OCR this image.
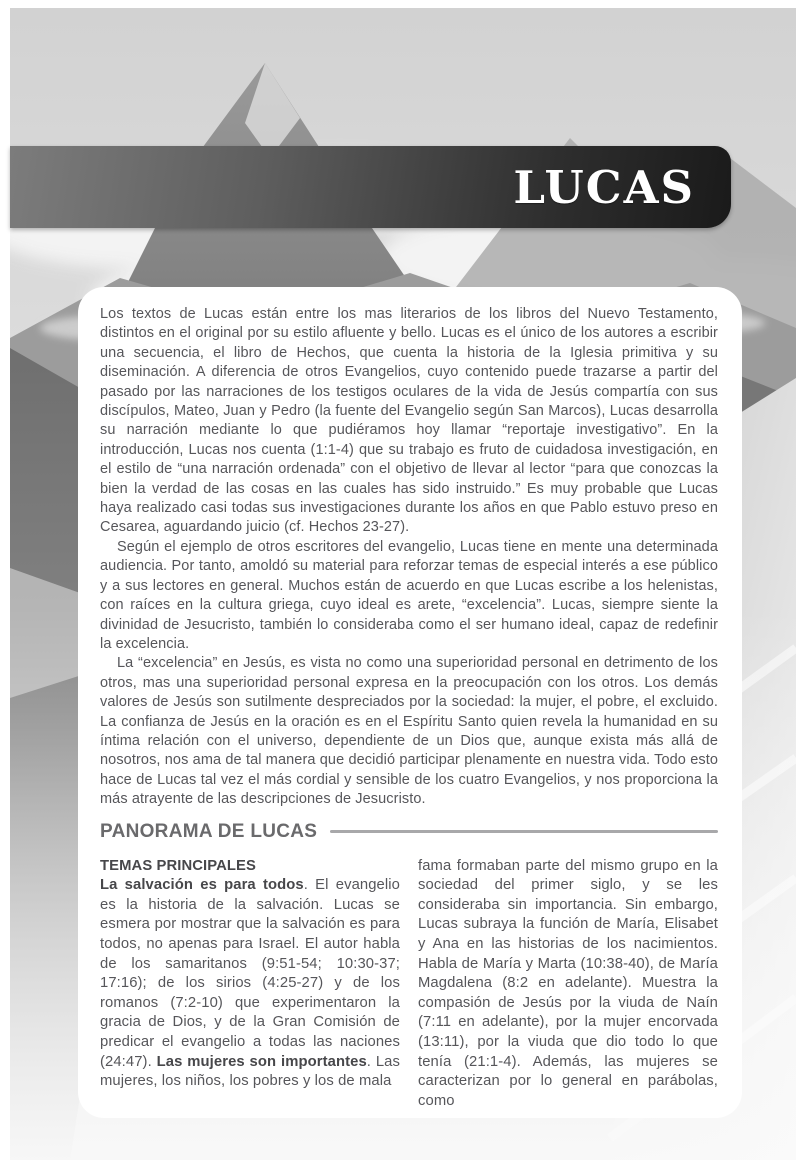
LUCAS

Los textos de Lucas están entre los mas literarios de los libros del Nuevo Testamento, distintos en el original por su estilo afluente y bello. Lucas es el único de los autores a escribir una secuencia, el libro de Hechos, que cuenta la historia de la Iglesia primitiva y su diseminación. A diferencia de otros Evangelios, cuyo contenido puede trazarse a partir del pasado por las narraciones de los testigos oculares de la vida de Jesús compartía con sus discípulos, Mateo, Juan y Pedro (la fuente del Evangelio según San Marcos), Lucas desarrolla su narración mediante lo que pudiéramos hoy llamar “reportaje investigativo”. En la introducción, Lucas nos cuenta (1:1-4) que su trabajo es fruto de cuidadosa investigación, en el estilo de “una narración ordenada” con el objetivo de llevar al lector “para que conozcas la bien la verdad de las cosas en las cuales has sido instruido.” Es muy probable que Lucas haya realizado casi todas sus investigaciones durante los años en que Pablo estuvo preso en Cesarea, aguardando juicio (cf. Hechos 23-27).

Según el ejemplo de otros escritores del evangelio, Lucas tiene en mente una determinada audiencia. Por tanto, amoldó su material para reforzar temas de especial interés a ese público y a sus lectores en general. Muchos están de acuerdo en que Lucas escribe a los helenistas, con raíces en la cultura griega, cuyo ideal es arete, “excelencia”. Lucas, siempre siente la divinidad de Jesucristo, también lo consideraba como el ser humano ideal, capaz de redefinir la excelencia.

La “excelencia” en Jesús, es vista no como una superioridad personal en detrimento de los otros, mas una superioridad personal expresa en la preocupación con los otros. Los demás valores de Jesús son sutilmente despreciados por la sociedad: la mujer, el pobre, el excluido. La confianza de Jesús en la oración es en el Espíritu Santo quien revela la humanidad en su íntima relación con el universo, dependiente de un Dios que, aunque exista más allá de nosotros, nos ama de tal manera que decidió participar plenamente en nuestra vida. Todo esto hace de Lucas tal vez el más cordial y sensible de los cuatro Evangelios, y nos proporciona la más atrayente de las descripciones de Jesucristo.

PANORAMA DE LUCAS
TEMAS PRINCIPALES
La salvación es para todos. El evangelio es la historia de la salvación. Lucas se esmera por mostrar que la salvación es para todos, no apenas para Israel. El autor habla de los samaritanos (9:51-54; 10:30-37; 17:16); de los sirios (4:25-27) y de los romanos (7:2-10) que experimentaron la gracia de Dios, y de la Gran Comisión de predicar el evangelio a todas las naciones (24:47). Las mujeres son importantes. Las mujeres, los niños, los pobres y los de mala
fama formaban parte del mismo grupo en la sociedad del primer siglo, y se les consideraba sin importancia. Sin embargo, Lucas subraya la función de María, Elisabet y Ana en las historias de los nacimientos. Habla de María y Marta (10:38-40), de María Magdalena (8:2 en adelante). Muestra la compasión de Jesús por la viuda de Naín (7:11 en adelante), por la mujer encorvada (13:11), por la viuda que dio todo lo que tenía (21:1-4). Además, las mujeres se caracterizan por lo general en parábolas, como
